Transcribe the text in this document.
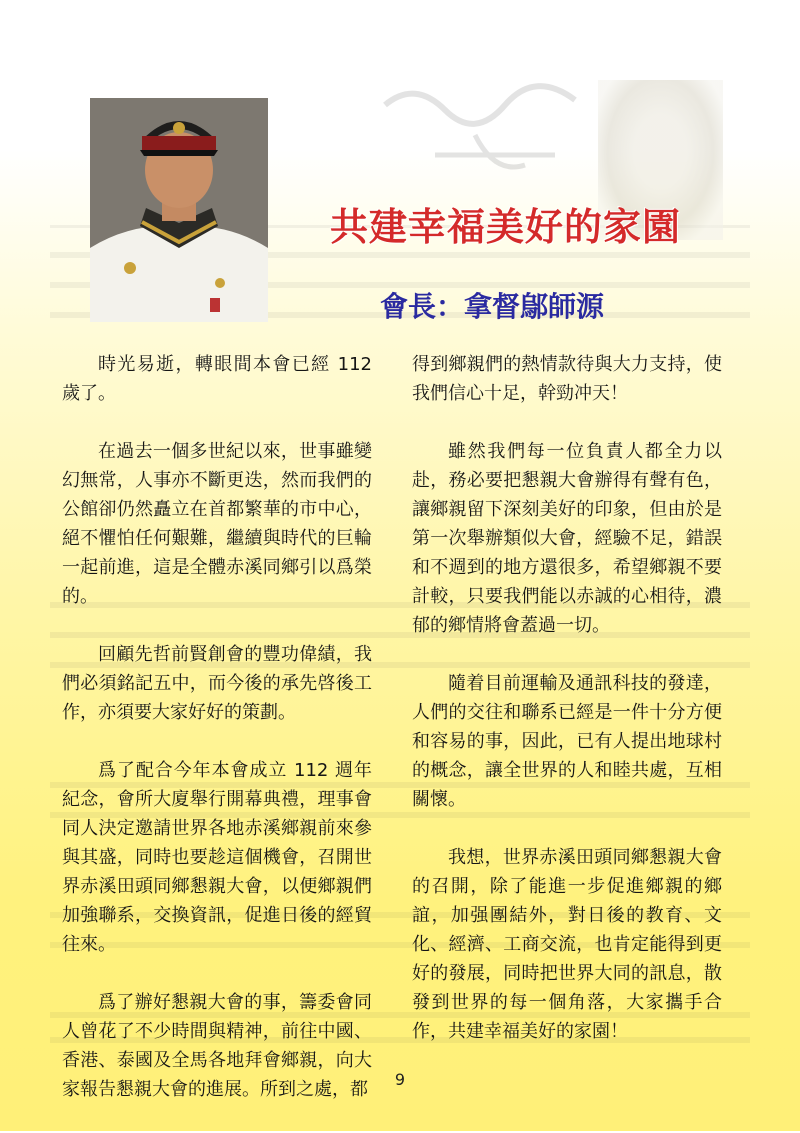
共建幸福美好的家園
會長：拿督鄔師源

時光易逝，轉眼間本會已經 112 歲了。

在過去一個多世紀以來，世事雖變幻無常，人事亦不斷更迭，然而我們的公館卻仍然矗立在首都繁華的市中心，絕不懼怕任何艱難，繼續與時代的巨輪一起前進，這是全體赤溪同鄉引以爲榮的。

回顧先哲前賢創會的豐功偉績，我們必須銘記五中，而今後的承先啓後工作，亦須要大家好好的策劃。

爲了配合今年本會成立 112 週年紀念，會所大廈舉行開幕典禮，理事會同人決定邀請世界各地赤溪鄉親前來參與其盛，同時也要趁這個機會，召開世界赤溪田頭同鄉懇親大會，以便鄉親們加強聯系，交換資訊，促進日後的經貿往來。

爲了辦好懇親大會的事，籌委會同人曾花了不少時間與精神，前往中國、香港、泰國及全馬各地拜會鄉親，向大家報告懇親大會的進展。所到之處，都

得到鄉親們的熱情款待與大力支持，使我們信心十足，幹勁冲天！

雖然我們每一位負責人都全力以赴，務必要把懇親大會辦得有聲有色，讓鄉親留下深刻美好的印象，但由於是第一次舉辦類似大會，經驗不足，錯誤和不週到的地方還很多，希望鄉親不要計較，只要我們能以赤誠的心相待，濃郁的鄉情將會蓋過一切。

隨着目前運輸及通訊科技的發達，人們的交往和聯系已經是一件十分方便和容易的事，因此，已有人提出地球村的概念，讓全世界的人和睦共處，互相關懷。

我想，世界赤溪田頭同鄉懇親大會的召開，除了能進一步促進鄉親的鄉誼，加强團結外，對日後的教育、文化、經濟、工商交流，也肯定能得到更好的發展，同時把世界大同的訊息，散發到世界的每一個角落，大家攜手合作，共建幸福美好的家園！

9
